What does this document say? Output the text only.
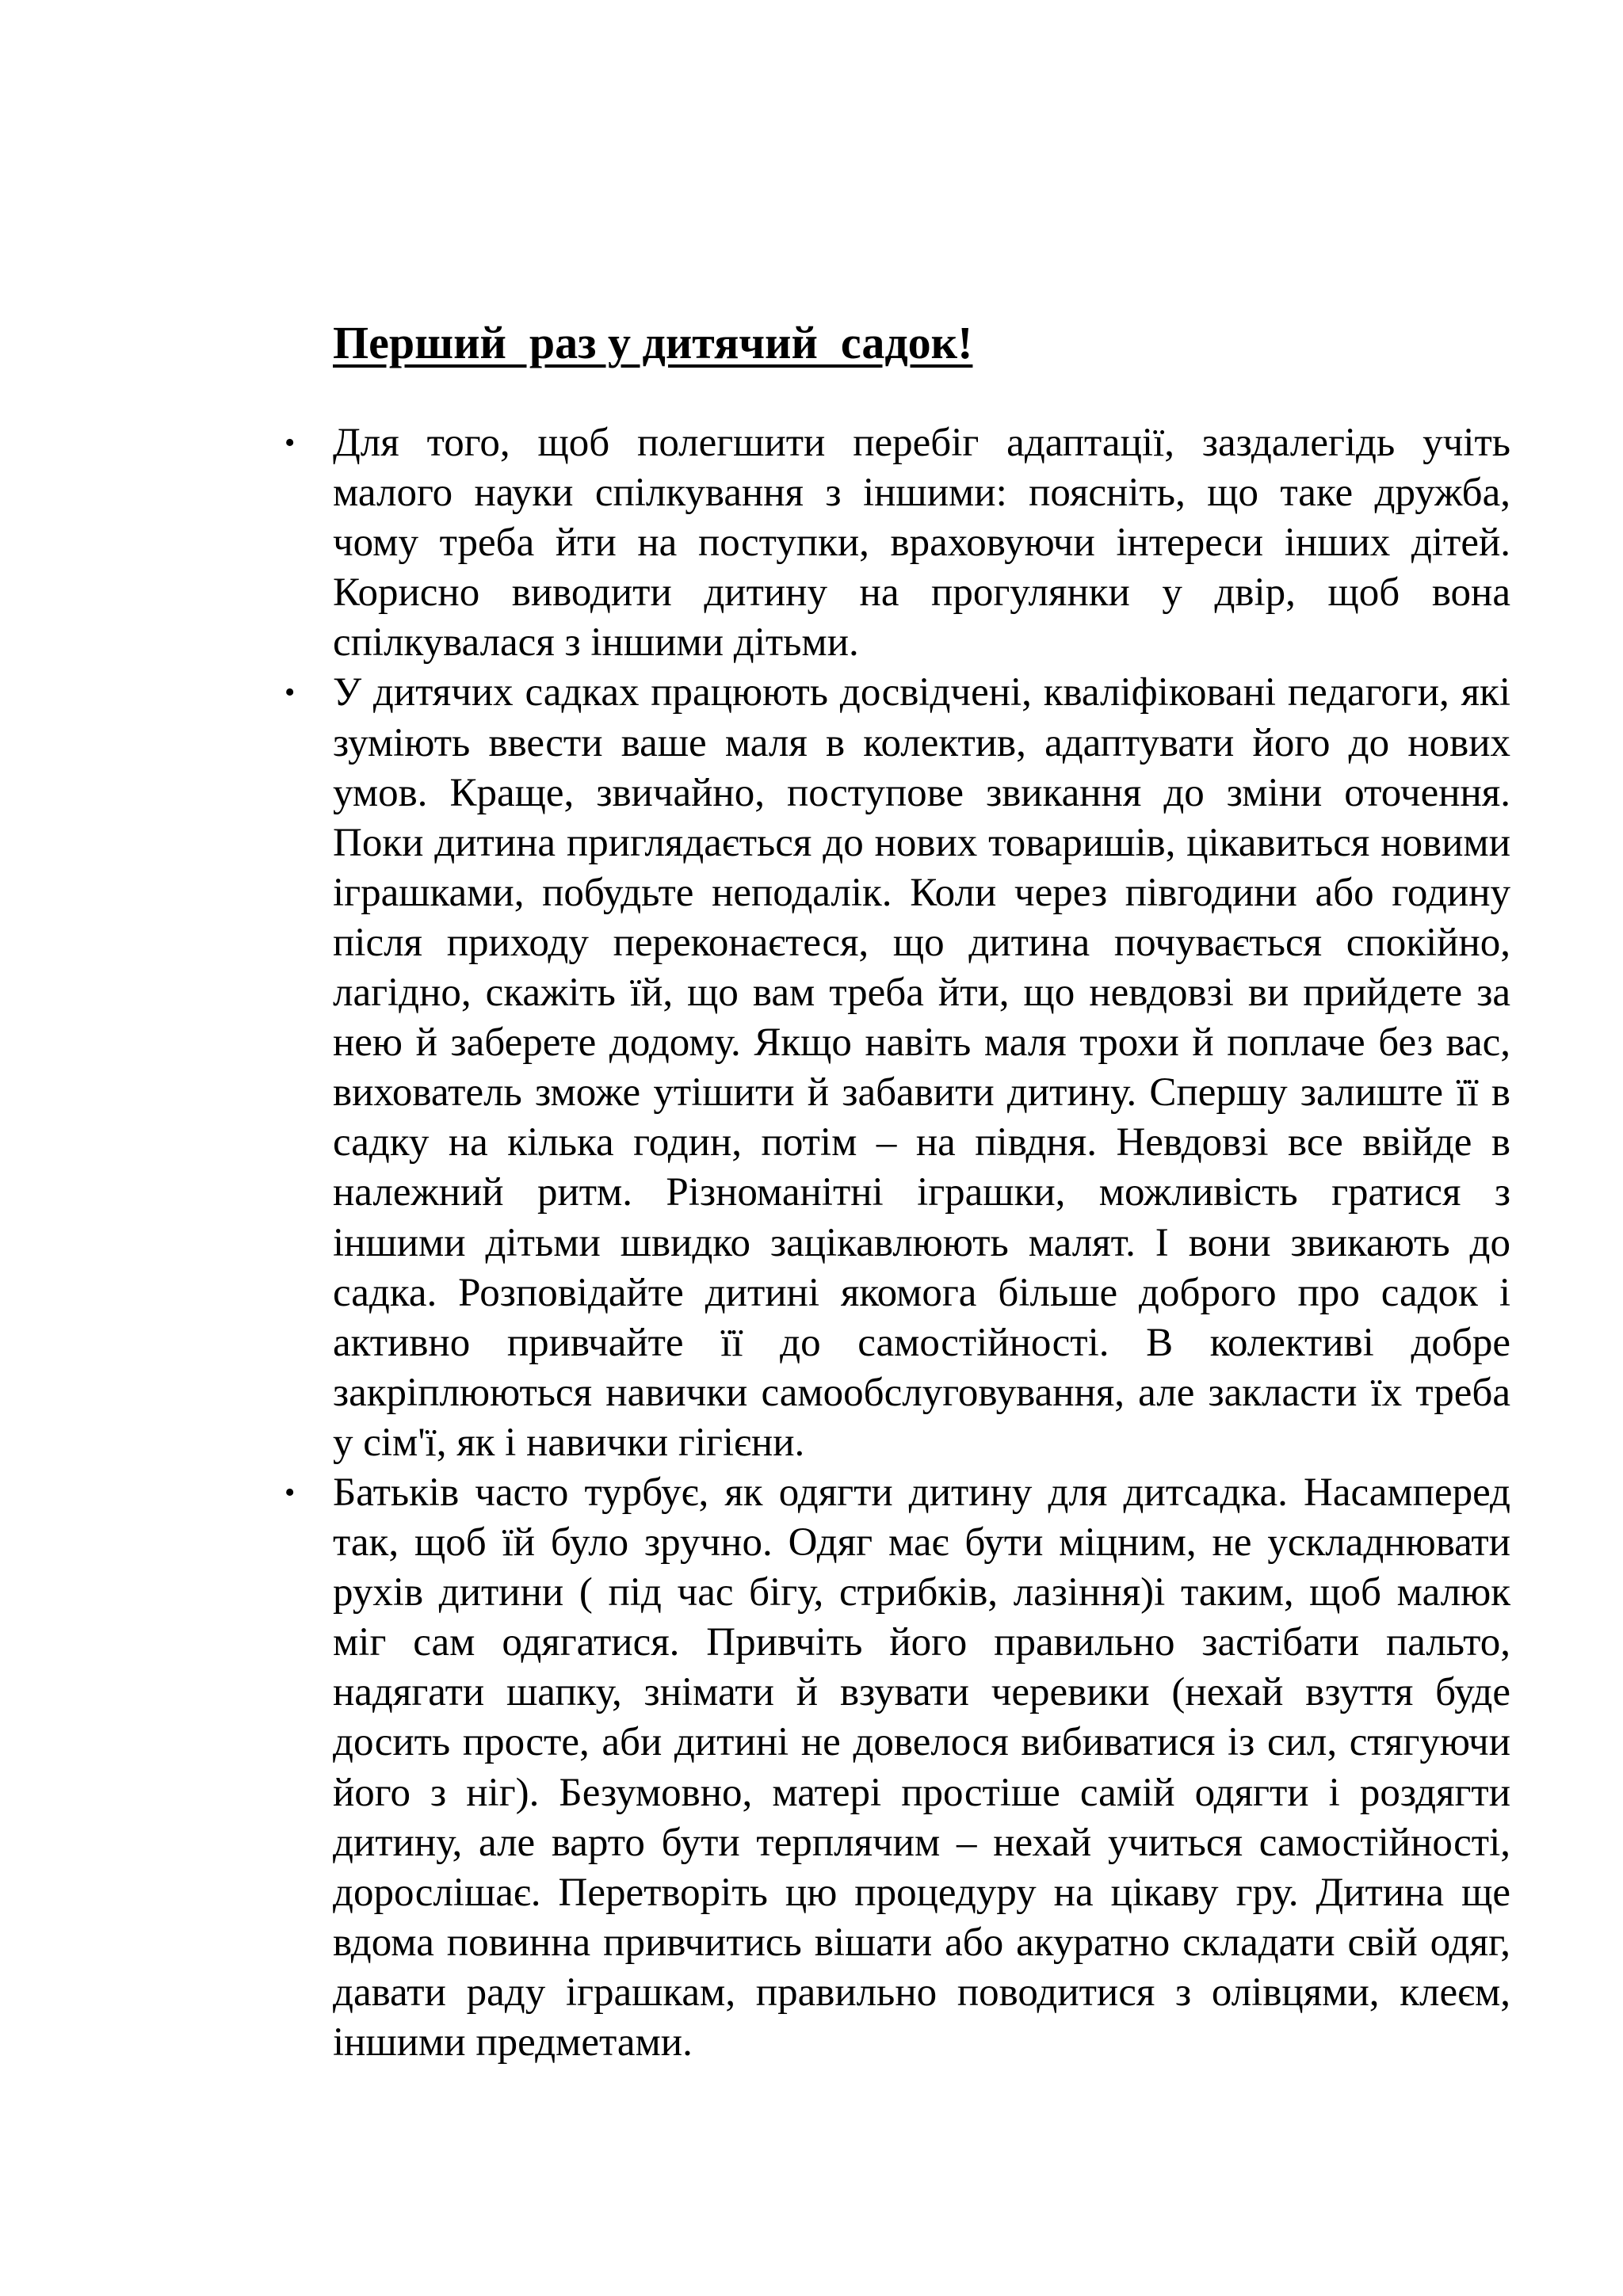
Перший  раз у дитячий  садок!
• Для того, щоб полегшити перебіг адаптації, заздалегідь учіть малого науки спілкування з іншими: поясніть, що таке дружба, чому треба йти на поступки, враховуючи інтереси інших дітей. Корисно виводити дитину на прогулянки у двір, щоб вона спілкувалася з іншими дітьми.
• У дитячих садках працюють досвідчені, кваліфіковані педагоги, які зуміють ввести ваше маля в колектив, адаптувати його до нових умов. Краще, звичайно, поступове звикання до зміни оточення. Поки дитина приглядається до нових товаришів, цікавиться новими іграшками, побудьте неподалік. Коли через півгодини або годину після приходу переконаєтеся, що дитина почувається спокійно, лагідно, скажіть їй, що вам треба йти, що невдовзі ви прийдете за нею й заберете додому. Якщо навіть маля трохи й поплаче без вас, вихователь зможе утішити й забавити дитину. Спершу залиште її в садку на кілька годин, потім – на півдня. Невдовзі все ввійде в належний ритм. Різноманітні іграшки, можливість гратися з іншими дітьми швидко зацікавлюють малят. І вони звикають до садка. Розповідайте дитині якомога більше доброго про садок і активно привчайте її до самостійності. В колективі добре закріплюються навички самообслуговування, але закласти їх треба у сім'ї, як і навички гігієни.
• Батьків часто турбує, як одягти дитину для дитсадка. Насамперед так, щоб їй було зручно. Одяг має бути міцним, не ускладнювати рухів дитини ( під час бігу, стрибків, лазіння)і таким, щоб малюк міг сам одягатися. Привчіть його правильно застібати пальто, надягати шапку, знімати й взувати черевики (нехай взуття буде досить просте, аби дитині не довелося вибиватися із сил, стягуючи його з ніг). Безумовно, матері простіше самій одягти і роздягти дитину, але варто бути терплячим – нехай учиться самостійності, дорослішає. Перетворіть цю процедуру на цікаву гру. Дитина ще вдома повинна привчитись вішати або акуратно складати свій одяг, давати раду іграшкам, правильно поводитися з олівцями, клеєм, іншими предметами.
